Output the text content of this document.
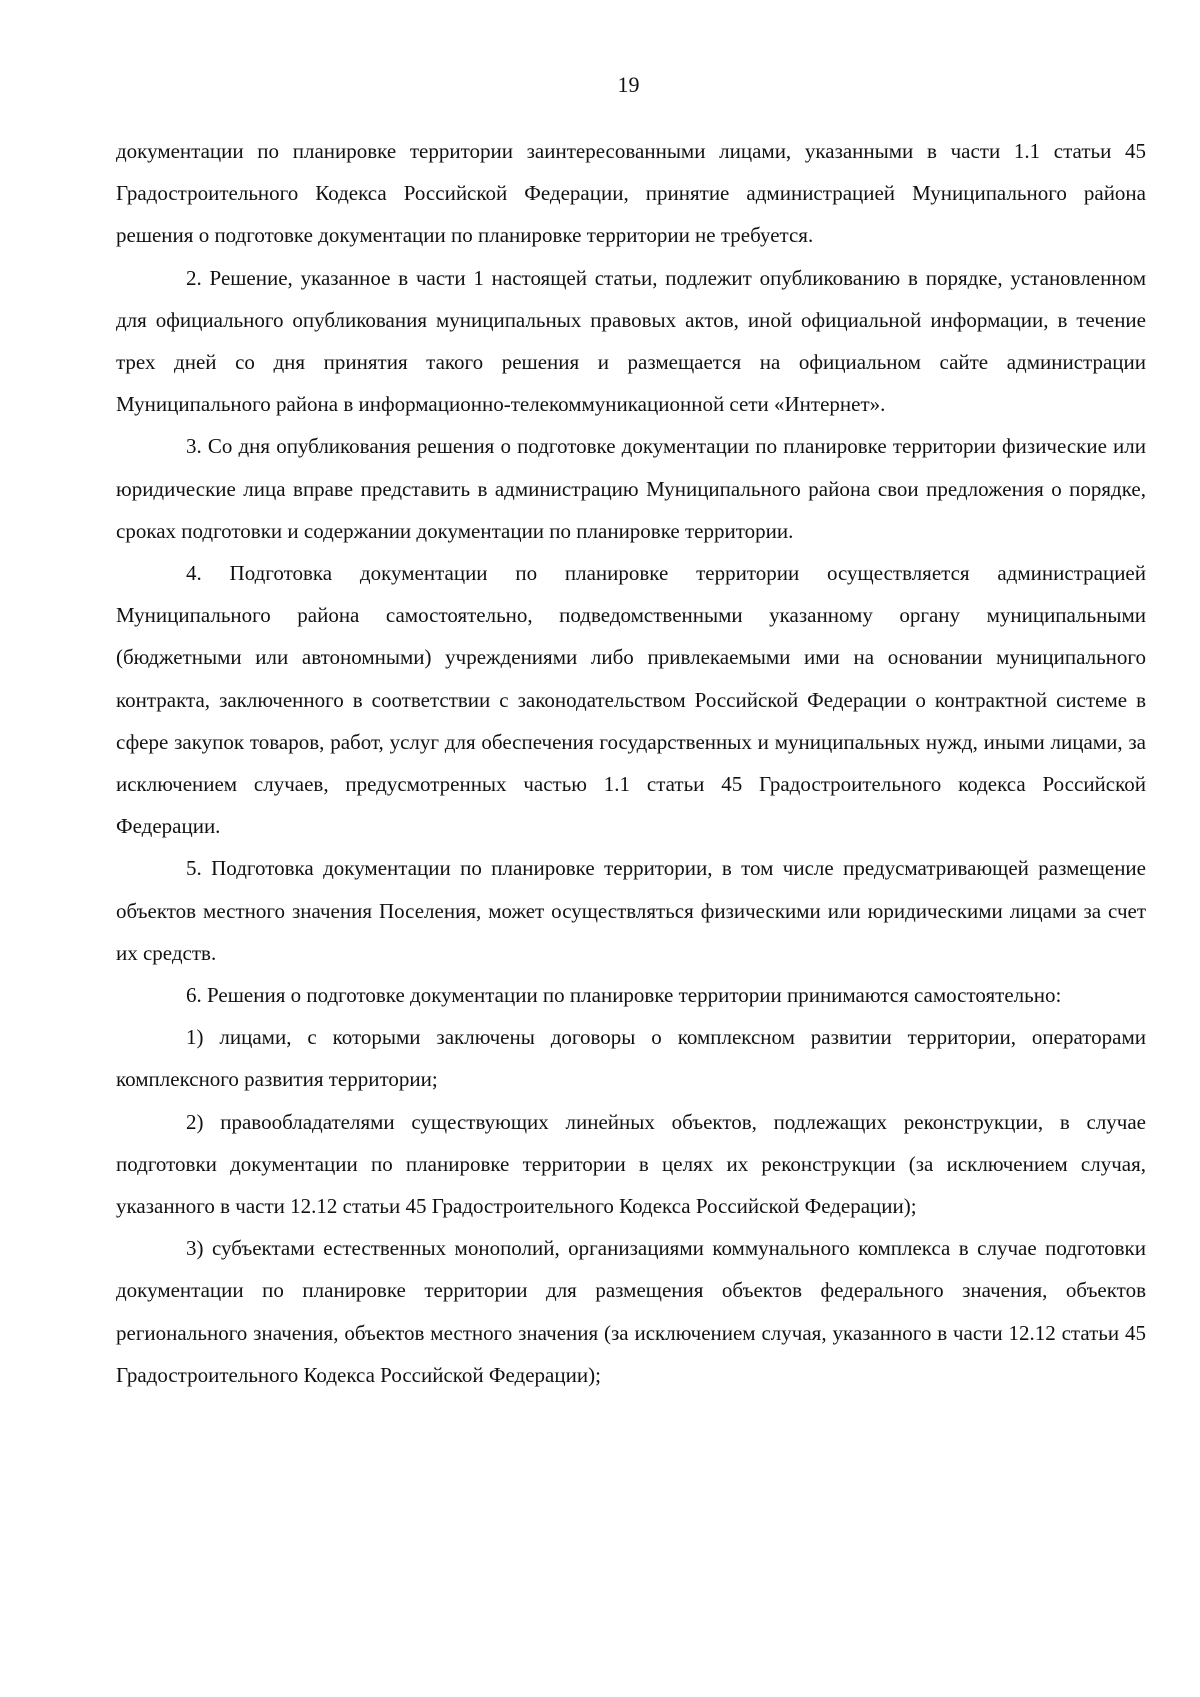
19

документации по планировке территории заинтересованными лицами, указанными в части 1.1 статьи 45 Градостроительного Кодекса Российской Федерации, принятие администрацией Муниципального района решения о подготовке документации по планировке территории не требуется.

2. Решение, указанное в части 1 настоящей статьи, подлежит опубликованию в порядке, установленном для официального опубликования муниципальных правовых актов, иной официальной информации, в течение трех дней со дня принятия такого решения и размещается на официальном сайте администрации Муниципального района в информационно-телекоммуникационной сети «Интернет».

3. Со дня опубликования решения о подготовке документации по планировке территории физические или юридические лица вправе представить в администрацию Муниципального района свои предложения о порядке, сроках подготовки и содержании документации по планировке территории.

4. Подготовка документации по планировке территории осуществляется администрацией Муниципального района самостоятельно, подведомственными указанному органу муниципальными (бюджетными или автономными) учреждениями либо привлекаемыми ими на основании муниципального контракта, заключенного в соответствии с законодательством Российской Федерации о контрактной системе в сфере закупок товаров, работ, услуг для обеспечения государственных и муниципальных нужд, иными лицами, за исключением случаев, предусмотренных частью 1.1 статьи 45 Градостроительного кодекса Российской Федерации.

5. Подготовка документации по планировке территории, в том числе предусматривающей размещение объектов местного значения Поселения, может осуществляться физическими или юридическими лицами за счет их средств.

6. Решения о подготовке документации по планировке территории принимаются самостоятельно:

1) лицами, с которыми заключены договоры о комплексном развитии территории, операторами комплексного развития территории;

2) правообладателями существующих линейных объектов, подлежащих реконструкции, в случае подготовки документации по планировке территории в целях их реконструкции (за исключением случая, указанного в части 12.12 статьи 45 Градостроительного Кодекса Российской Федерации);

3) субъектами естественных монополий, организациями коммунального комплекса в случае подготовки документации по планировке территории для размещения объектов федерального значения, объектов регионального значения, объектов местного значения (за исключением случая, указанного в части 12.12 статьи 45 Градостроительного Кодекса Российской Федерации);
